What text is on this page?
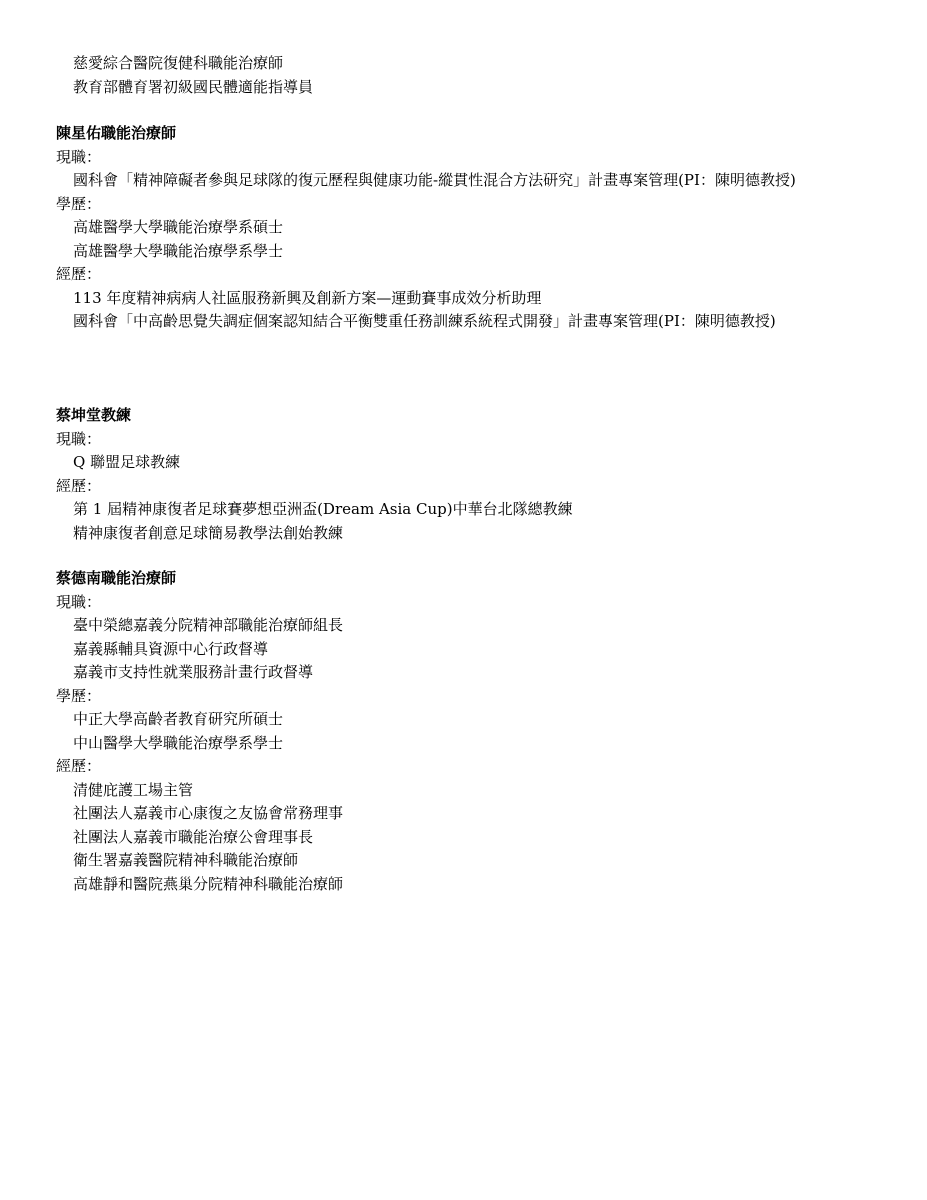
慈愛綜合醫院復健科職能治療師
教育部體育署初級國民體適能指導員
陳星佑職能治療師
現職：
國科會「精神障礙者參與足球隊的復元歷程與健康功能-縱貫性混合方法研究」計畫專案管理(PI：陳明德教授)
學歷：
高雄醫學大學職能治療學系碩士
高雄醫學大學職能治療學系學士
經歷：
113 年度精神病病人社區服務新興及創新方案—運動賽事成效分析助理
國科會「中高齡思覺失調症個案認知結合平衡雙重任務訓練系統程式開發」計畫專案管理(PI：陳明德教授)
蔡坤堂教練
現職：
Q 聯盟足球教練
經歷：
第 1 屆精神康復者足球賽夢想亞洲盃(Dream Asia Cup)中華台北隊總教練
精神康復者創意足球簡易教學法創始教練
蔡德南職能治療師
現職：
臺中榮總嘉義分院精神部職能治療師組長
嘉義縣輔具資源中心行政督導
嘉義市支持性就業服務計畫行政督導
學歷：
中正大學高齡者教育研究所碩士
中山醫學大學職能治療學系學士
經歷：
清健庇護工場主管
社團法人嘉義市心康復之友協會常務理事
社團法人嘉義市職能治療公會理事長
衛生署嘉義醫院精神科職能治療師
高雄靜和醫院燕巢分院精神科職能治療師
